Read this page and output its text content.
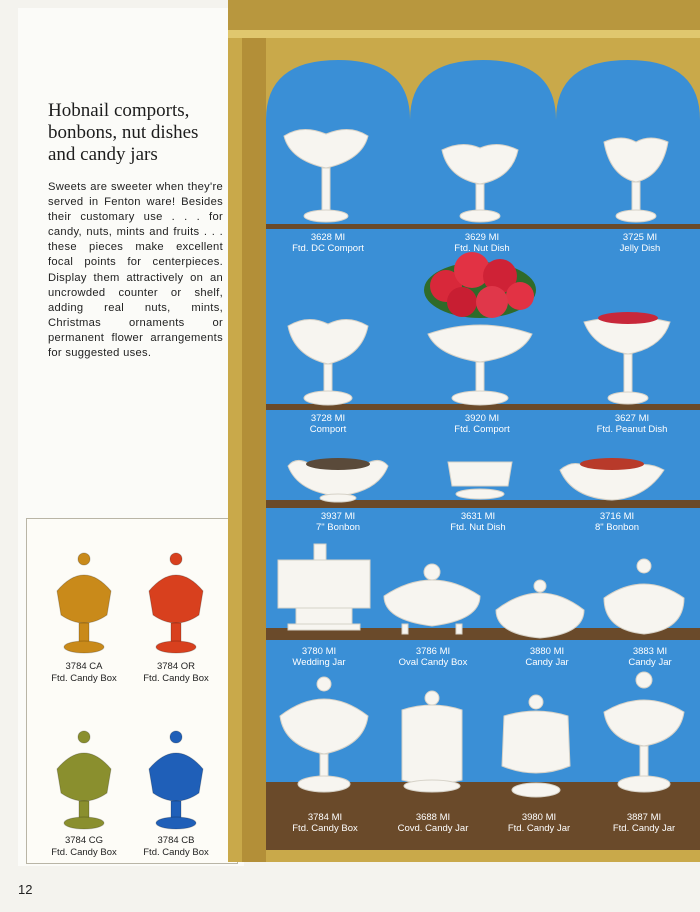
Hobnail comports,
bonbons, nut dishes
and candy jars

Sweets are sweeter when they're served in Fenton ware! Besides their customary use . . . for candy, nuts, mints and fruits . . . these pieces make excellent focal points for centerpieces. Display them attractively on an uncrowded counter or shelf, adding real nuts, mints, Christmas ornaments or permanent flower arrangements for suggested uses.

3784 CA
Ftd. Candy Box
3784 OR
Ftd. Candy Box
3784 CG
Ftd. Candy Box
3784 CB
Ftd. Candy Box
12
3628 MI
Ftd. DC Comport
3629 MI
Ftd. Nut Dish
3725 MI
Jelly Dish
3728 MI
Comport
3920 MI
Ftd. Comport
3627 MI
Ftd. Peanut Dish
3937 MI
7" Bonbon
3631 MI
Ftd. Nut Dish
3716 MI
8" Bonbon
3780 MI
Wedding Jar
3786 MI
Oval Candy Box
3880 MI
Candy Jar
3883 MI
Candy Jar
3784 MI
Ftd. Candy Box
3688 MI
Covd. Candy Jar
3980 MI
Ftd. Candy Jar
3887 MI
Ftd. Candy Jar
